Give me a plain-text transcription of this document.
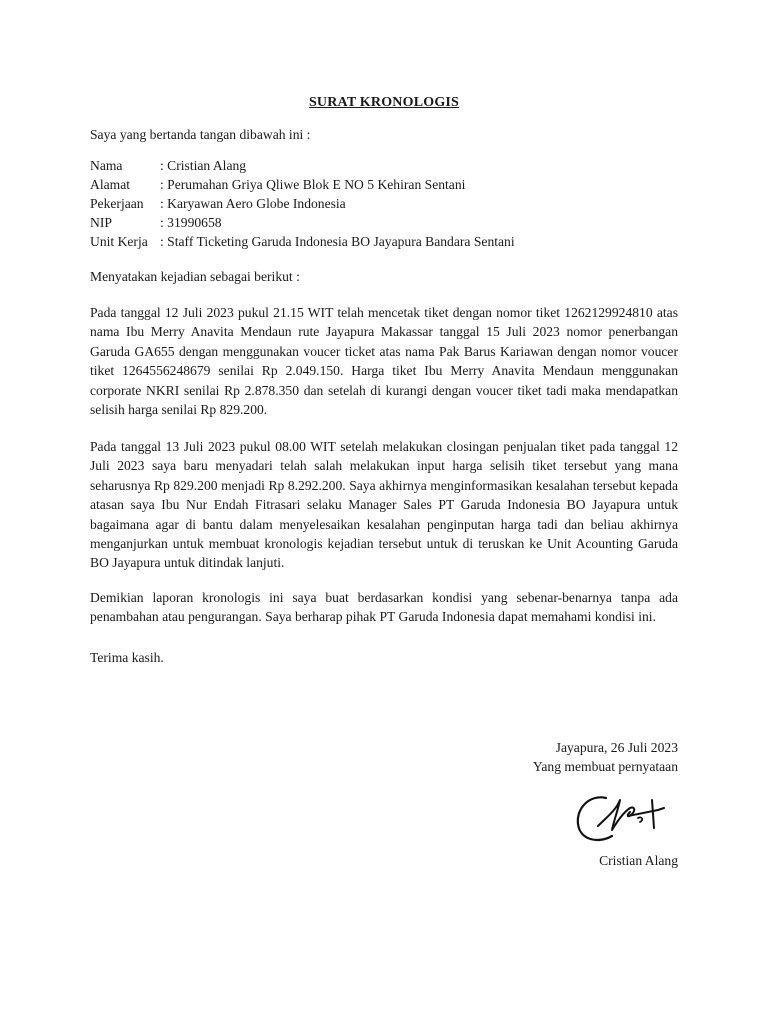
SURAT KRONOLOGIS
Saya yang bertanda tangan dibawah ini :
Nama	: Cristian Alang
Alamat	: Perumahan Griya Qliwe Blok E NO 5 Kehiran Sentani
Pekerjaan	: Karyawan Aero Globe Indonesia
NIP	: 31990658
Unit Kerja : Staff Ticketing Garuda Indonesia BO Jayapura Bandara Sentani
Menyatakan kejadian sebagai berikut :

Pada tanggal 12 Juli 2023 pukul 21.15 WIT telah mencetak tiket dengan nomor tiket 1262129924810 atas nama Ibu Merry Anavita Mendaun rute Jayapura Makassar tanggal 15 Juli 2023 nomor penerbangan Garuda GA655 dengan menggunakan voucer ticket atas nama Pak Barus Kariawan dengan nomor voucer tiket 1264556248679 senilai Rp 2.049.150. Harga tiket Ibu Merry Anavita Mendaun menggunakan corporate NKRI senilai Rp 2.878.350 dan setelah di kurangi dengan voucer tiket tadi maka mendapatkan selisih harga senilai Rp 829.200.

Pada tanggal 13 Juli 2023 pukul 08.00 WIT setelah melakukan closingan penjualan tiket pada tanggal 12 Juli 2023 saya baru menyadari telah salah melakukan input harga selisih tiket tersebut yang mana seharusnya Rp 829.200 menjadi Rp 8.292.200. Saya akhirnya menginformasikan kesalahan tersebut kepada atasan saya Ibu Nur Endah Fitrasari selaku Manager Sales PT Garuda Indonesia BO Jayapura untuk bagaimana agar di bantu dalam menyelesaikan kesalahan penginputan harga tadi dan beliau akhirnya menganjurkan untuk membuat kronologis kejadian tersebut untuk di teruskan ke Unit Acounting Garuda BO Jayapura untuk ditindak lanjuti.

Demikian laporan kronologis ini saya buat berdasarkan kondisi yang sebenar-benarnya tanpa ada penambahan atau pengurangan. Saya berharap pihak PT Garuda Indonesia dapat memahami kondisi ini.

Terima kasih.
Jayapura, 26 Juli 2023
Yang membuat pernyataan
Cristian Alang
